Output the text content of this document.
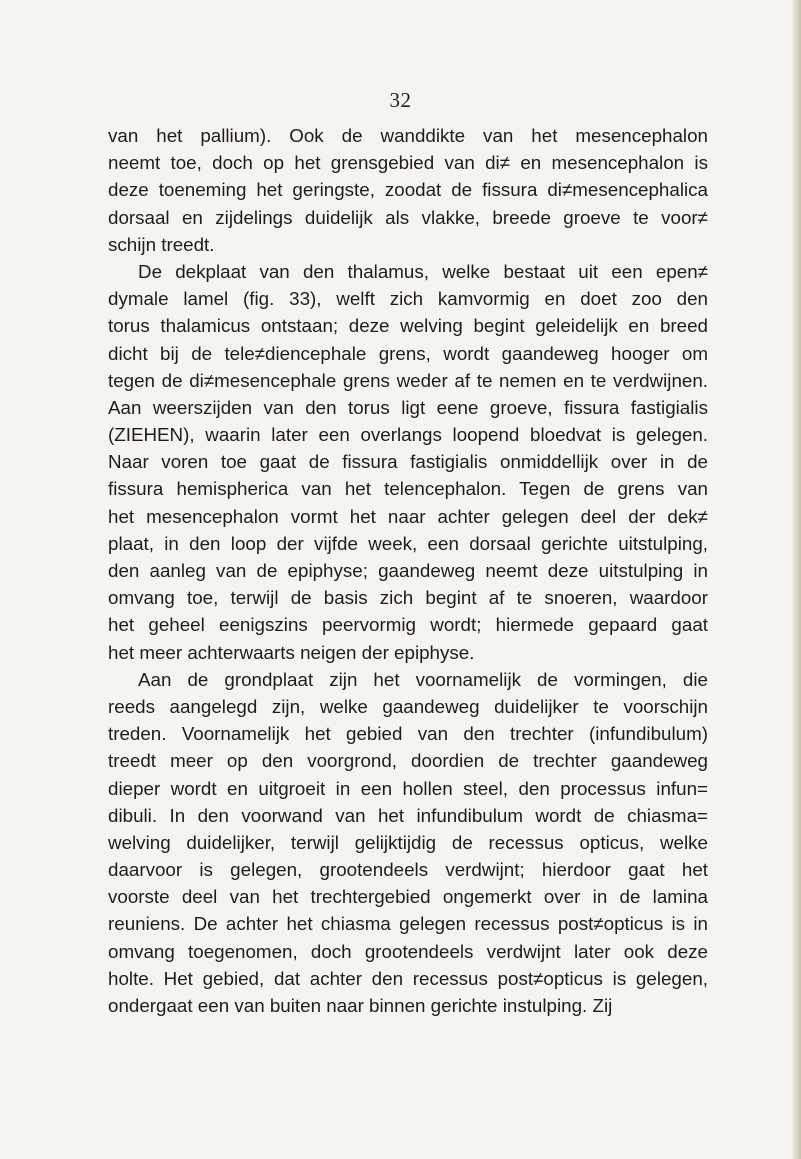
32
van het pallium). Ook de wanddikte van het mesencephalon
neemt toe, doch op het grensgebied van di≠ en mesencephalon is
deze toeneming het geringste, zoodat de fissura di≠mesencephalica
dorsaal en zijdelings duidelijk als vlakke, breede groeve te voor≠
schijn treedt.
De dekplaat van den thalamus, welke bestaat uit een epen≠
dymale lamel (fig. 33), welft zich kamvormig en doet zoo den
torus thalamicus ontstaan; deze welving begint geleidelijk en breed
dicht bij de tele≠diencephale grens, wordt gaandeweg hooger om
tegen de di≠mesencephale grens weder af te nemen en te verdwijnen.
Aan weerszijden van den torus ligt eene groeve, fissura fastigialis
(ZIEHEN), waarin later een overlangs loopend bloedvat is gelegen.
Naar voren toe gaat de fissura fastigialis onmiddellijk over in de
fissura hemispherica van het telencephalon. Tegen de grens van
het mesencephalon vormt het naar achter gelegen deel der dek≠
plaat, in den loop der vijfde week, een dorsaal gerichte uitstulping,
den aanleg van de epiphyse; gaandeweg neemt deze uitstulping in
omvang toe, terwijl de basis zich begint af te snoeren, waardoor
het geheel eenigszins peervormig wordt; hiermede gepaard gaat
het meer achterwaarts neigen der epiphyse.
Aan de grondplaat zijn het voornamelijk de vormingen, die
reeds aangelegd zijn, welke gaandeweg duidelijker te voorschijn
treden. Voornamelijk het gebied van den trechter (infundibulum)
treedt meer op den voorgrond, doordien de trechter gaandeweg
dieper wordt en uitgroeit in een hollen steel, den processus infun=
dibuli. In den voorwand van het infundibulum wordt de chiasma=
welving duidelijker, terwijl gelijktijdig de recessus opticus, welke
daarvoor is gelegen, grootendeels verdwijnt; hierdoor gaat het
voorste deel van het trechtergebied ongemerkt over in de lamina
reuniens. De achter het chiasma gelegen recessus post≠opticus is in
omvang toegenomen, doch grootendeels verdwijnt later ook deze
holte. Het gebied, dat achter den recessus post≠opticus is gelegen,
ondergaat een van buiten naar binnen gerichte instulping. Zij
